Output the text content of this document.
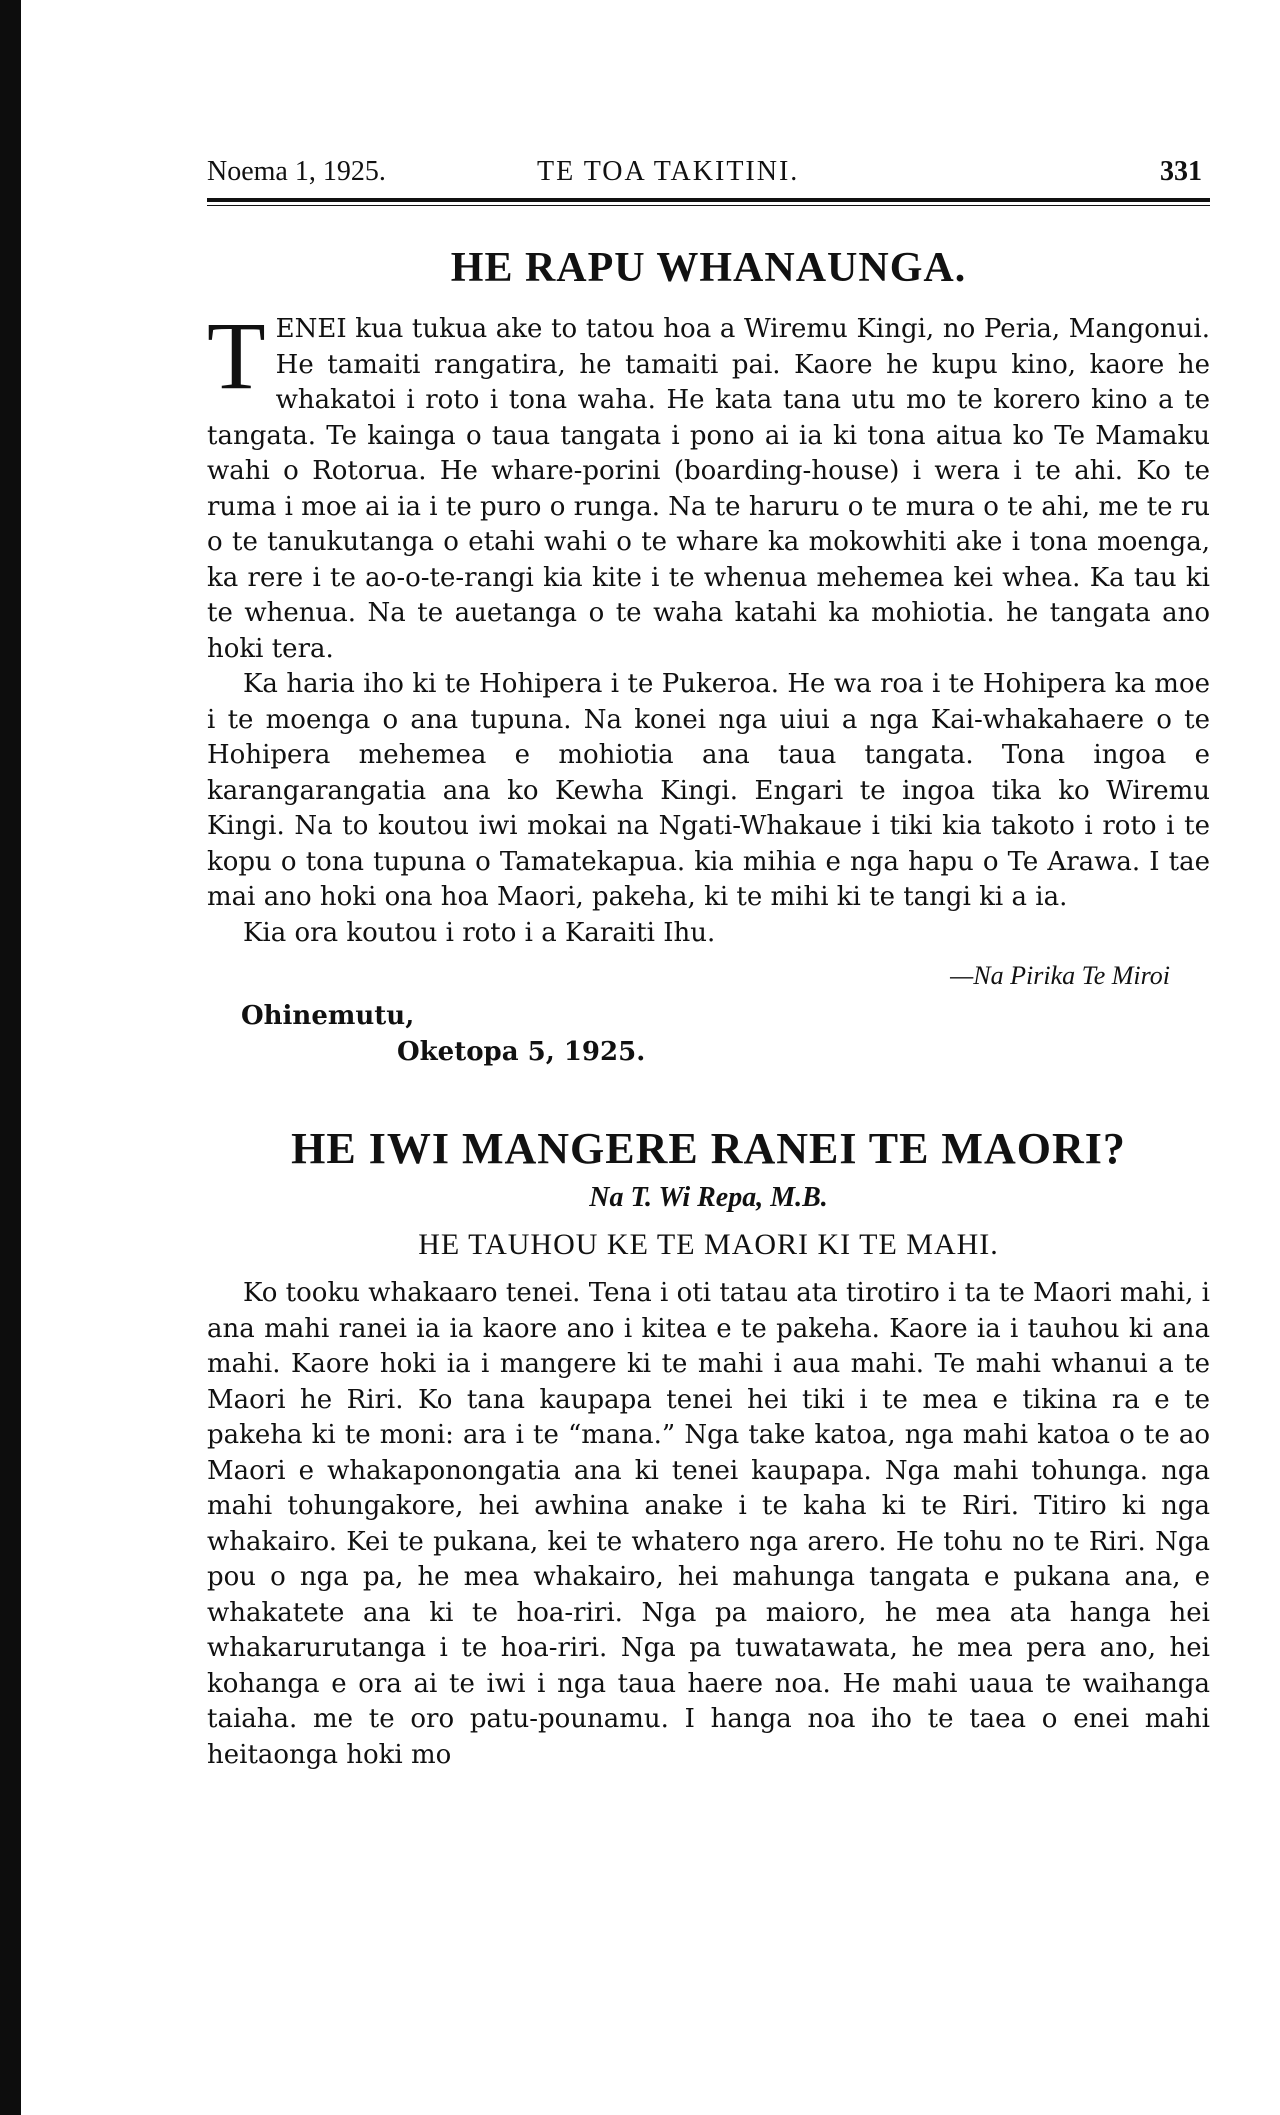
Noema 1, 1925.	TE TOA TAKITINI.	331
HE RAPU WHANAUNGA.

T ENEI kua tukua ake to tatou hoa a Wiremu Kingi, no Peria, Mangonui. He tamaiti rangatira, he tamaiti pai. Kaore he kupu kino, kaore he whakatoi i roto i tona waha. He kata tana utu mo te korero kino a te tangata. Te kainga o taua tangata i pono ai ia ki tona aitua ko Te Mamaku wahi o Rotorua. He whare-porini (boarding-house) i wera i te ahi. Ko te ruma i moe ai ia i te puro o runga. Na te haruru o te mura o te ahi, me te ru o te tanukutanga o etahi wahi o te whare ka mokowhiti ake i tona moenga, ka rere i te ao-o-te-rangi kia kite i te whenua mehemea kei whea. Ka tau ki te whenua. Na te auetanga o te waha katahi ka mohiotia. he tangata ano hoki tera.

Ka haria iho ki te Hohipera i te Pukeroa. He wa roa i te Hohipera ka moe i te moenga o ana tupuna. Na konei nga uiui a nga Kai-whakahaere o te Hohipera mehemea e mohiotia ana taua tangata. Tona ingoa e karangarangatia ana ko Kewha Kingi. Engari te ingoa tika ko Wiremu Kingi. Na to koutou iwi mokai na Ngati-Whakaue i tiki kia takoto i roto i te kopu o tona tupuna o Tamatekapua. kia mihia e nga hapu o Te Arawa. I tae mai ano hoki ona hoa Maori, pakeha, ki te mihi ki te tangi ki a ia.

Kia ora koutou i roto i a Karaiti Ihu.

—Na Pirika Te Miroi
Ohinemutu,
Oketopa 5, 1925.
HE IWI MANGERE RANEI TE MAORI?
Na T. Wi Repa, M.B.
HE TAUHOU KE TE MAORI KI TE MAHI.

Ko tooku whakaaro tenei. Tena i oti tatau ata tirotiro i ta te Maori mahi, i ana mahi ranei ia ia kaore ano i kitea e te pakeha. Kaore ia i tauhou ki ana mahi. Kaore hoki ia i mangere ki te mahi i aua mahi. Te mahi whanui a te Maori he Riri. Ko tana kaupapa tenei hei tiki i te mea e tikina ra e te pakeha ki te moni: ara i te “mana.” Nga take katoa, nga mahi katoa o te ao Maori e whakaponongatia ana ki tenei kaupapa. Nga mahi tohunga. nga mahi tohungakore, hei awhina anake i te kaha ki te Riri. Titiro ki nga whakairo. Kei te pukana, kei te whatero nga arero. He tohu no te Riri. Nga pou o nga pa, he mea whakairo, hei mahunga tangata e pukana ana, e whakatete ana ki te hoa-riri. Nga pa maioro, he mea ata hanga hei whakarurutanga i te hoa-riri. Nga pa tuwatawata, he mea pera ano, hei kohanga e ora ai te iwi i nga taua haere noa. He mahi uaua te waihanga taiaha. me te oro patu-pounamu. I hanga noa iho te taea o enei mahi heitaonga hoki mo
